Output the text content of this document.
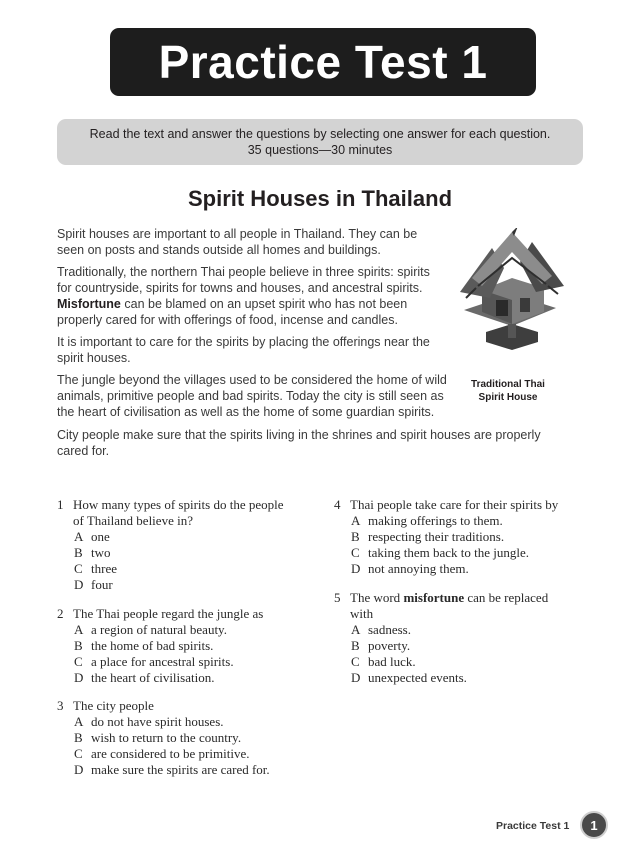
Practice Test 1
Read the text and answer the questions by selecting one answer for each question.
35 questions—30 minutes
Spirit Houses in Thailand
Spirit houses are important to all people in Thailand. They can be
seen on posts and stands outside all homes and buildings.
Traditionally, the northern Thai people believe in three spirits: spirits
for countryside, spirits for towns and houses, and ancestral spirits.
Misfortune can be blamed on an upset spirit who has not been
properly cared for with offerings of food, incense and candles.
It is important to care for the spirits by placing the offerings near the
spirit houses.
The jungle beyond the villages used to be considered the home of wild
animals, primitive people and bad spirits. Today the city is still seen as
the heart of civilisation as well as the home of some guardian spirits.
City people make sure that the spirits living in the shrines and spirit houses are properly
cared for.
Traditional Thai
Spirit House
1 How many types of spirits do the people
of Thailand believe in?
A one
B two
C three
D four
2 The Thai people regard the jungle as
A a region of natural beauty.
B the home of bad spirits.
C a place for ancestral spirits.
D the heart of civilisation.
3 The city people
A do not have spirit houses.
B wish to return to the country.
C are considered to be primitive.
D make sure the spirits are cared for.
4 Thai people take care for their spirits by
A making offerings to them.
B respecting their traditions.
C taking them back to the jungle.
D not annoying them.
5 The word misfortune can be replaced
with
A sadness.
B poverty.
C bad luck.
D unexpected events.
Practice Test 1 1
